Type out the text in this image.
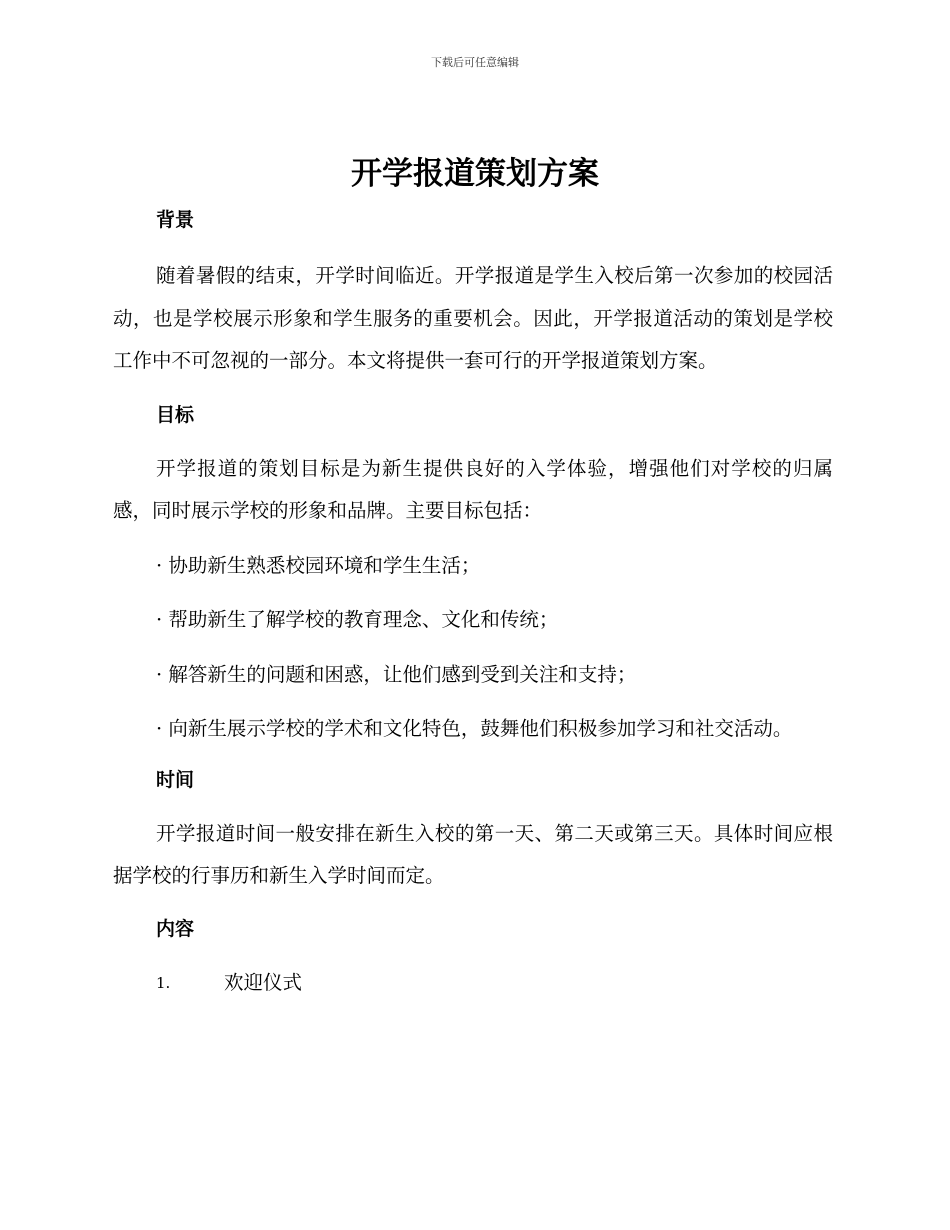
下载后可任意编辑
开学报道策划方案
背景

随着暑假的结束，开学时间临近。开学报道是学生入校后第一次参加的校园活动，也是学校展示形象和学生服务的重要机会。因此，开学报道活动的策划是学校工作中不可忽视的一部分。本文将提供一套可行的开学报道策划方案。

目标

开学报道的策划目标是为新生提供良好的入学体验，增强他们对学校的归属感，同时展示学校的形象和品牌。主要目标包括：

· 协助新生熟悉校园环境和学生生活；

· 帮助新生了解学校的教育理念、文化和传统；

· 解答新生的问题和困惑，让他们感到受到关注和支持；

· 向新生展示学校的学术和文化特色，鼓舞他们积极参加学习和社交活动。

时间

开学报道时间一般安排在新生入校的第一天、第二天或第三天。具体时间应根据学校的行事历和新生入学时间而定。

内容
1.	欢迎仪式
